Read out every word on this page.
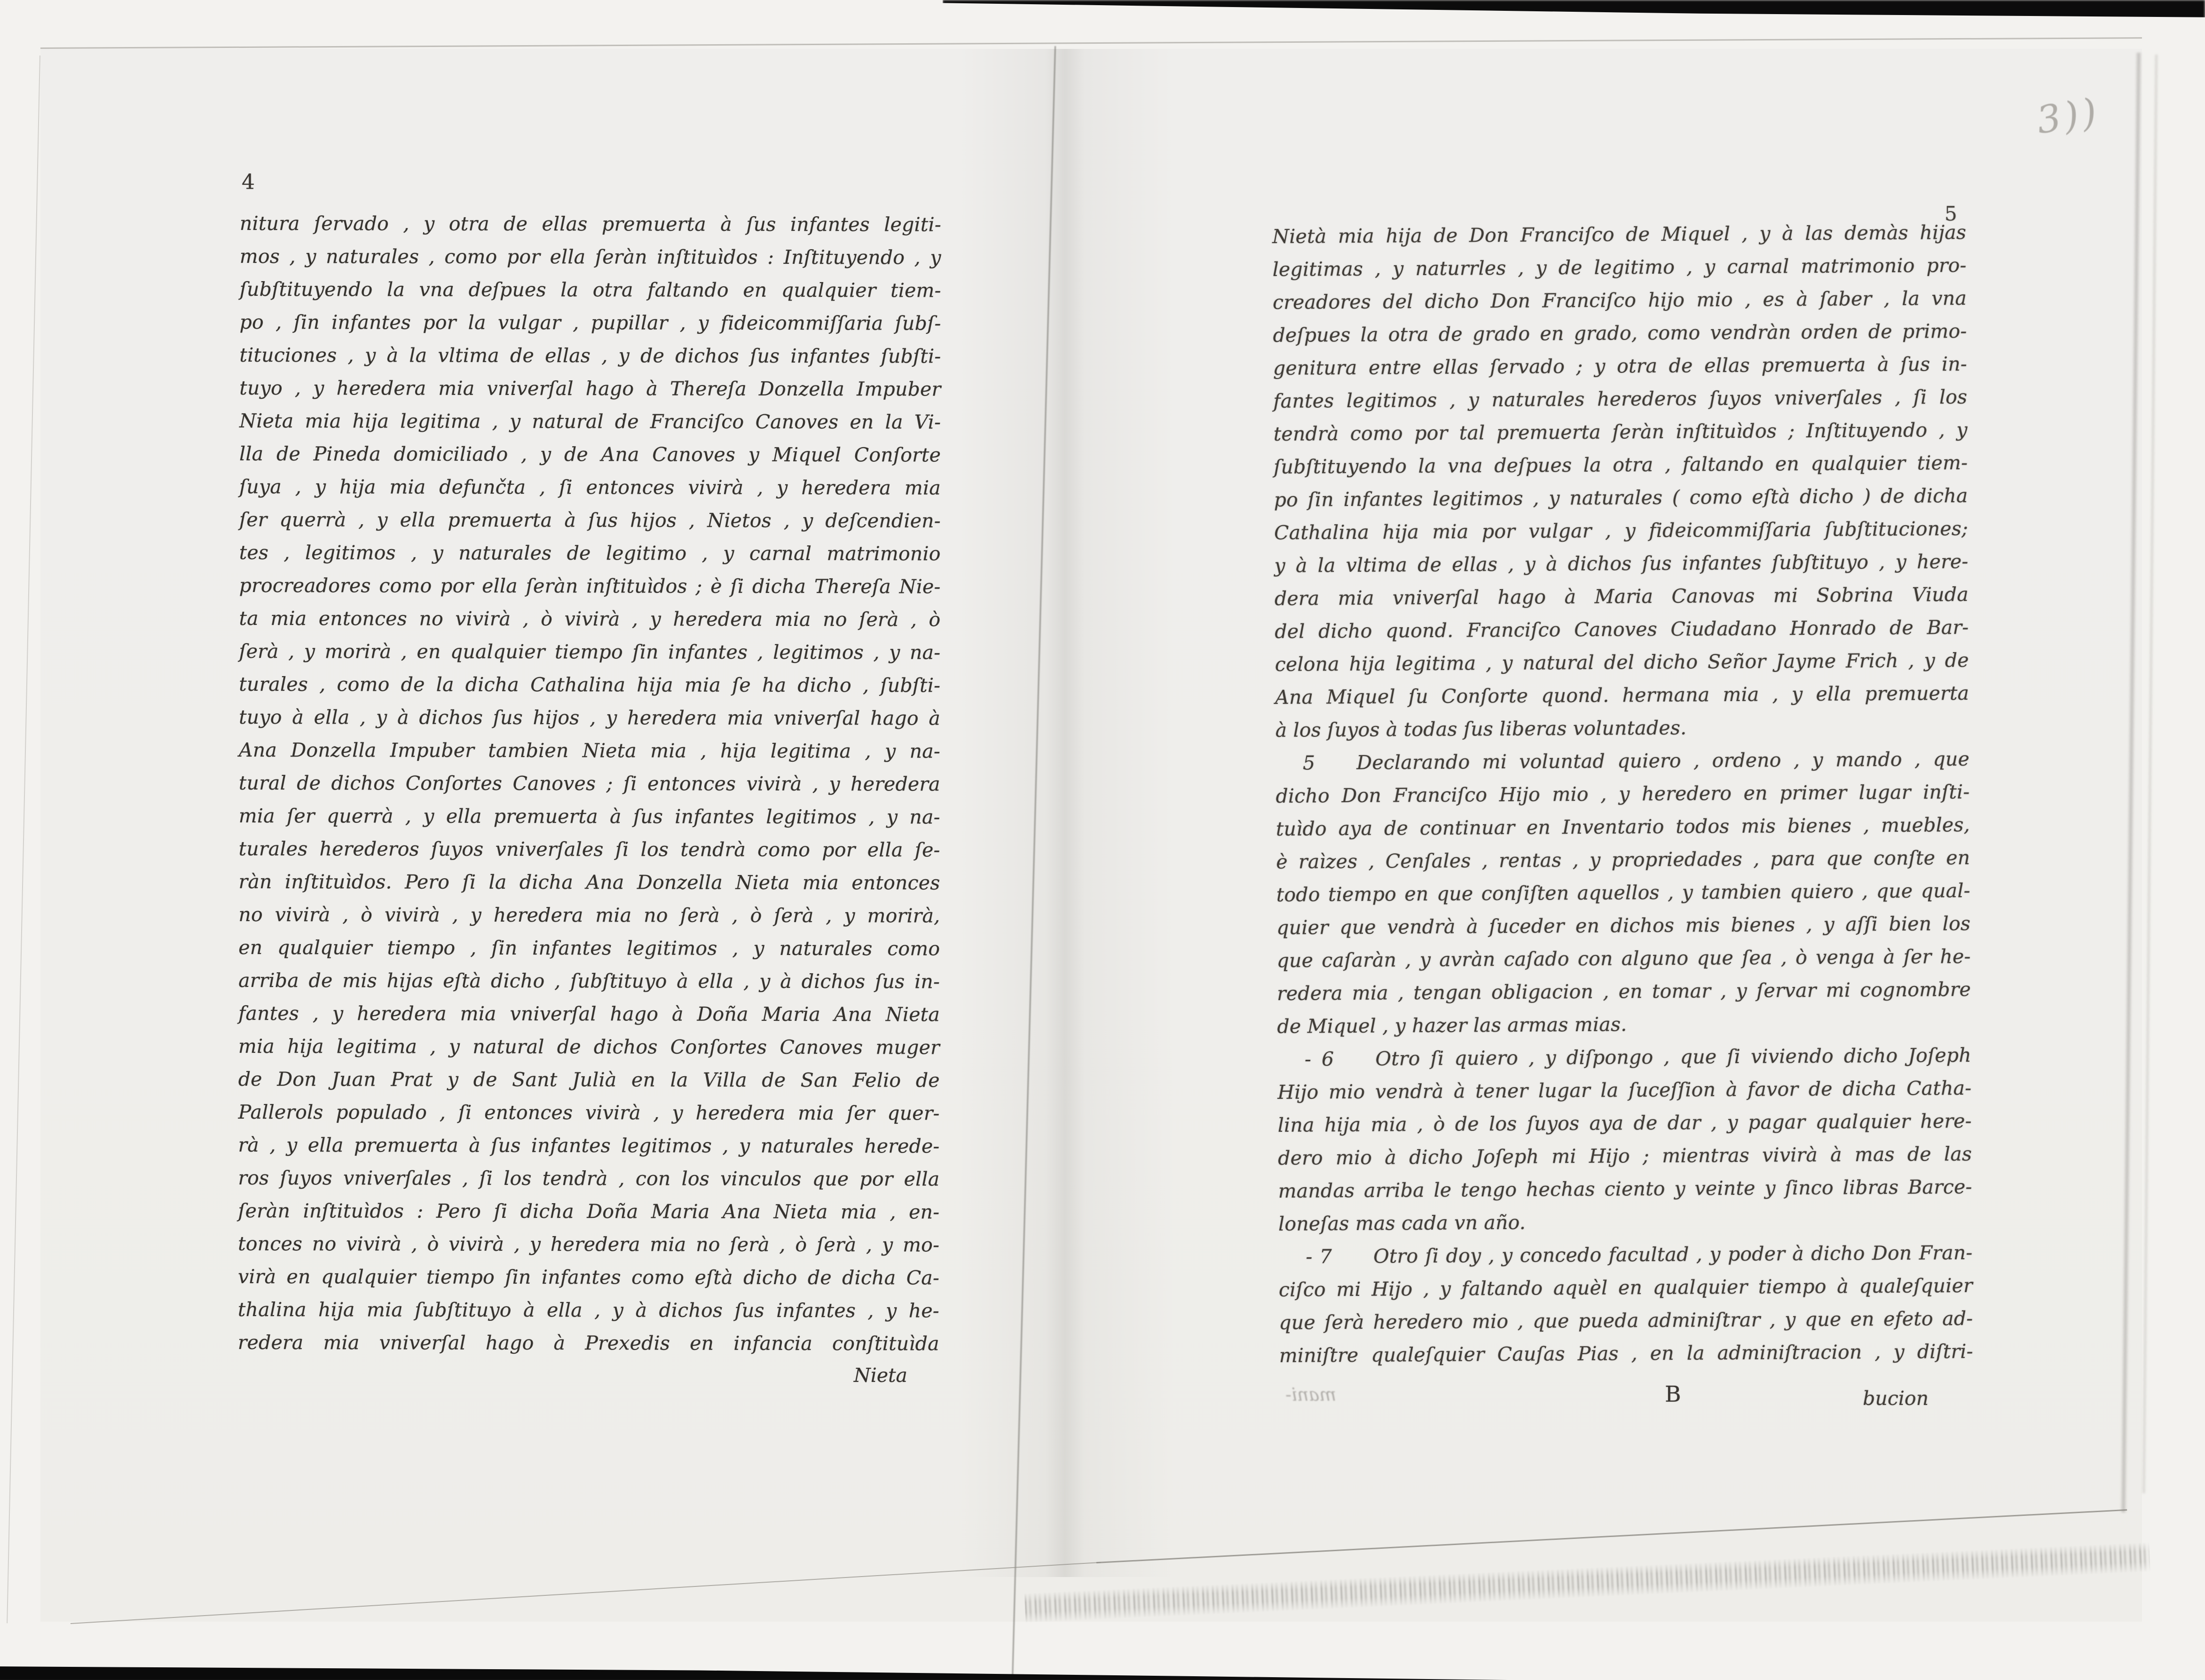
4
nitura ſervado , y otra de ellas premuerta à ſus infantes legiti-
mos , y naturales , como por ella ſeràn inſtituìdos : Inſtituyendo , y
ſubſtituyendo la vna deſpues la otra faltando en qualquier tiem-
po , ſin infantes por la vulgar , pupillar , y fideicommiſſaria ſubſ-
tituciones , y à la vltima de ellas , y de dichos ſus infantes ſubſti-
tuyo , y heredera mia vniverſal hago à Thereſa Donzella Impuber
Nieta mia hija legitima , y natural de Franciſco Canoves en la Vi-
lla de Pineda domiciliado , y de Ana Canoves y Miquel Conſorte
ſuya , y hija mia defunčta , ſi entonces vivirà , y heredera mia
ſer querrà , y ella premuerta à ſus hijos , Nietos , y deſcendien-
tes , legitimos , y naturales de legitimo , y carnal matrimonio
procreadores como por ella ſeràn inſtituìdos ; è ſi dicha Thereſa Nie-
ta mia entonces no vivirà , ò vivirà , y heredera mia no ſerà , ò
ſerà , y morirà , en qualquier tiempo ſin infantes , legitimos , y na-
turales , como de la dicha Cathalina hija mia ſe ha dicho , ſubſti-
tuyo à ella , y à dichos ſus hijos , y heredera mia vniverſal hago à
Ana Donzella Impuber tambien Nieta mia , hija legitima , y na-
tural de dichos Conſortes Canoves ; ſi entonces vivirà , y heredera
mia ſer querrà , y ella premuerta à ſus infantes legitimos , y na-
turales herederos ſuyos vniverſales ſi los tendrà como por ella ſe-
ràn inſtituìdos. Pero ſi la dicha Ana Donzella Nieta mia entonces
no vivirà , ò vivirà , y heredera mia no ſerà , ò ſerà , y morirà,
en qualquier tiempo , ſin infantes legitimos , y naturales como
arriba de mis hijas eſtà dicho , ſubſtituyo à ella , y à dichos ſus in-
fantes , y heredera mia vniverſal hago à Doña Maria Ana Nieta
mia hija legitima , y natural de dichos Conſortes Canoves muger
de Don Juan Prat y de Sant Julià en la Villa de San Felio de
Pallerols populado , ſi entonces vivirà , y heredera mia ſer quer-
rà , y ella premuerta à ſus infantes legitimos , y naturales herede-
ros ſuyos vniverſales , ſi los tendrà , con los vinculos que por ella
ſeràn inſtituìdos : Pero ſi dicha Doña Maria Ana Nieta mia , en-
tonces no vivirà , ò vivirà , y heredera mia no ſerà , ò ſerà , y mo-
virà en qualquier tiempo ſin infantes como eſtà dicho de dicha Ca-
thalina hija mia ſubſtituyo à ella , y à dichos ſus infantes , y he-
redera mia vniverſal hago à Prexedis en infancia conſtituìda
Nieta
5
3))
Nietà mia hija de Don Franciſco de Miquel , y à las demàs hijas
legitimas , y naturrles , y de legitimo , y carnal matrimonio pro-
creadores del dicho Don Franciſco hijo mio , es à ſaber , la vna
deſpues la otra de grado en grado, como vendràn orden de primo-
genitura entre ellas ſervado ; y otra de ellas premuerta à ſus in-
fantes legitimos , y naturales herederos ſuyos vniverſales , ſi los
tendrà como por tal premuerta ſeràn inſtituìdos ; Inſtituyendo , y
ſubſtituyendo la vna deſpues la otra , faltando en qualquier tiem-
po ſin infantes legitimos , y naturales ( como eſtà dicho ) de dicha
Cathalina hija mia por vulgar , y fideicommiſſaria ſubſtituciones;
y à la vltima de ellas , y à dichos ſus infantes ſubſtituyo , y here-
dera mia vniverſal hago à Maria Canovas mi Sobrina Viuda
del dicho quond. Franciſco Canoves Ciudadano Honrado de Bar-
celona hija legitima , y natural del dicho Señor Jayme Frich , y de
Ana Miquel ſu Conſorte quond. hermana mia , y ella premuerta
à los ſuyos à todas ſus liberas voluntades.
5 Declarando mi voluntad quiero , ordeno , y mando , que
dicho Don Franciſco Hijo mio , y heredero en primer lugar inſti-
tuìdo aya de continuar en Inventario todos mis bienes , muebles,
è raìzes , Cenſales , rentas , y propriedades , para que conſte en
todo tiempo en que conſiſten aquellos , y tambien quiero , que qual-
quier que vendrà à ſuceder en dichos mis bienes , y aſſi bien los
que caſaràn , y avràn caſado con alguno que ſea , ò venga à ſer he-
redera mia , tengan obligacion , en tomar , y ſervar mi cognombre
de Miquel , y hazer las armas mias.
- 6 Otro ſi quiero , y diſpongo , que ſi viviendo dicho Joſeph
Hijo mio vendrà à tener lugar la ſuceſſion à favor de dicha Catha-
lina hija mia , ò de los ſuyos aya de dar , y pagar qualquier here-
dero mio à dicho Joſeph mi Hijo ; mientras vivirà à mas de las
mandas arriba le tengo hechas ciento y veinte y ſinco libras Barce-
loneſas mas cada vn año.
- 7 Otro ſi doy , y concedo facultad , y poder à dicho Don Fran-
ciſco mi Hijo , y faltando aquèl en qualquier tiempo à qualeſquier
que ſerà heredero mio , que pueda adminiſtrar , y que en efeto ad-
miniſtre qualeſquier Cauſas Pias , en la adminiſtracion , y diſtri-
mani-	B	bucion
